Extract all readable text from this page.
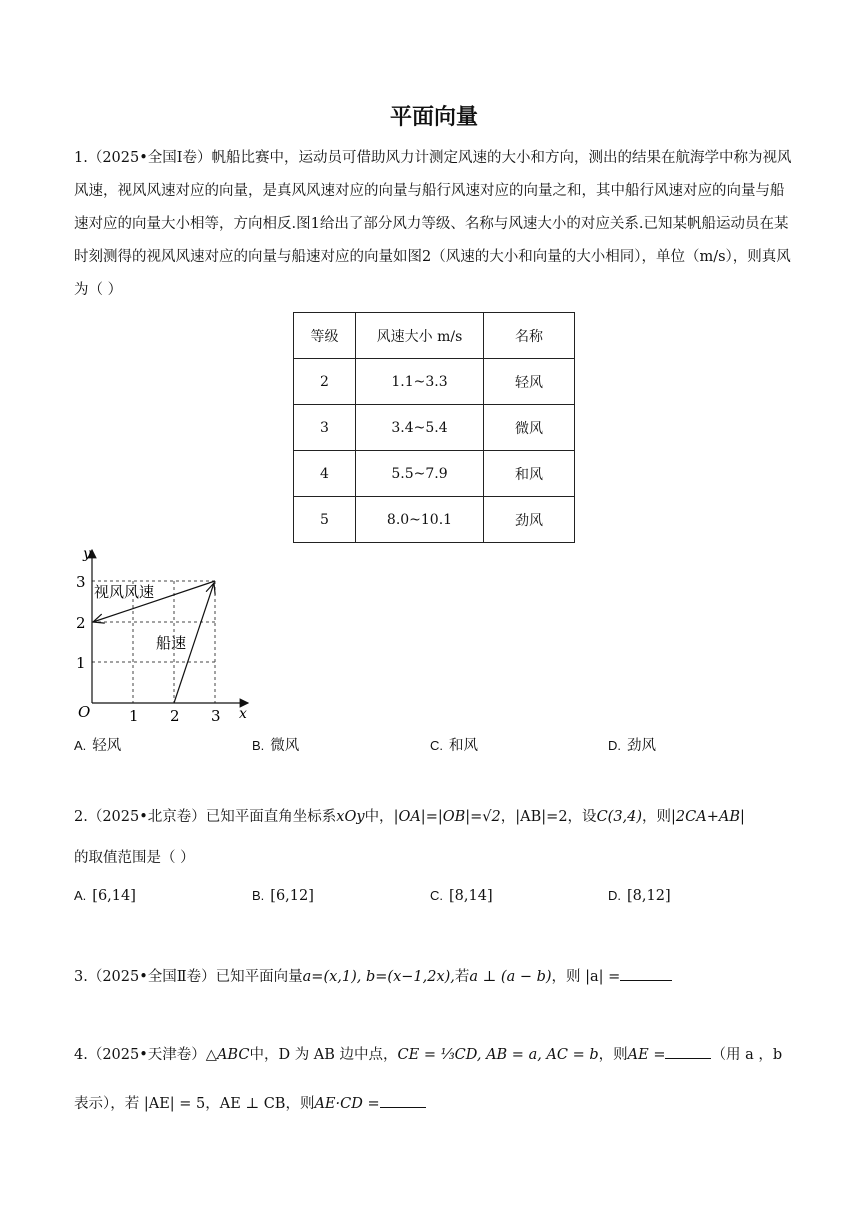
平面向量
1.（2025•全国Ⅰ卷）帆船比赛中，运动员可借助风力计测定风速的大小和方向，测出的结果在航海学中称为视风风速，视风风速对应的向量，是真风风速对应的向量与船行风速对应的向量之和，其中船行风速对应的向量与船速对应的向量大小相等，方向相反.图1给出了部分风力等级、名称与风速大小的对应关系.已知某帆船运动员在某时刻测得的视风风速对应的向量与船速对应的向量如图2（风速的大小和向量的大小相同），单位（m/s），则真风为（ ）
等级	风速大小 m/s	名称
2	1.1~3.3	轻风
3	3.4~5.4	微风
4	5.5~7.9	和风
5	8.0~10.1	劲风
y
x
O	1 2 3
3
2
1
视风风速
船速
A. 轻风	B. 微风	C. 和风	D. 劲风
2.（2025•北京卷）已知平面直角坐标系xOy中，|OA|=|OB|=√2，|AB|=2，设C(3,4)，则|2CA+AB|
的取值范围是（ ）
A. [6,14]	B. [6,12]	C. [8,14]	D. [8,12]
3.（2025•全国Ⅱ卷）已知平面向量a=(x,1), b=(x−1,2x),若a ⊥ (a − b)，则 |a| =
4.（2025•天津卷）△ABC中，D 为 AB 边中点，CE = ⅓CD, AB = a, AC = b，则AE =	（用 a ，b
表示），若 |AE| = 5，AE ⊥ CB，则AE·CD =
